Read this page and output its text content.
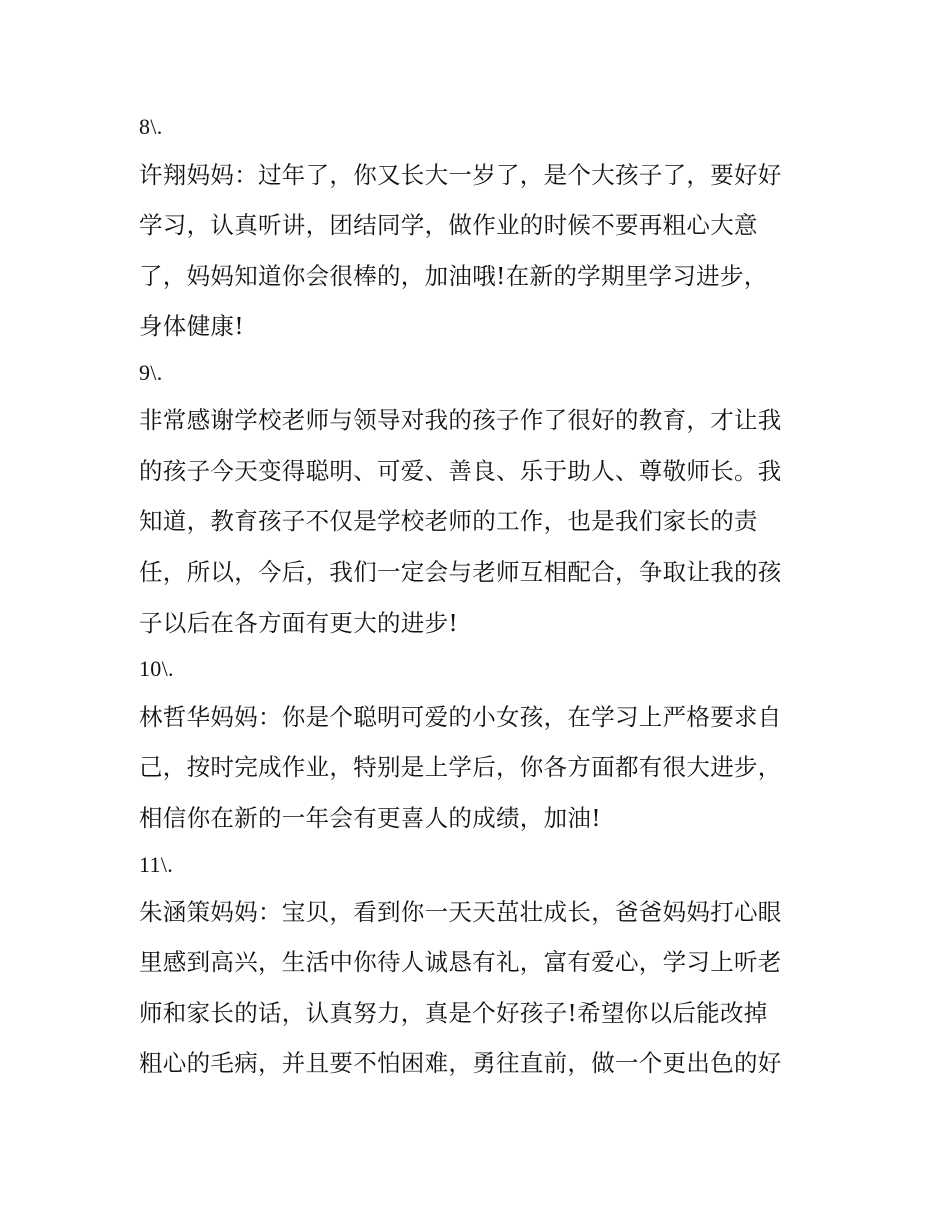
8\.
许翔妈妈：过年了，你又长大一岁了，是个大孩子了，要好好
学习，认真听讲，团结同学，做作业的时候不要再粗心大意
了，妈妈知道你会很棒的，加油哦!在新的学期里学习进步，
身体健康!
9\.
非常感谢学校老师与领导对我的孩子作了很好的教育，才让我
的孩子今天变得聪明、可爱、善良、乐于助人、尊敬师长。我
知道，教育孩子不仅是学校老师的工作，也是我们家长的责
任，所以，今后，我们一定会与老师互相配合，争取让我的孩
子以后在各方面有更大的进步!
10\.
林哲华妈妈：你是个聪明可爱的小女孩，在学习上严格要求自
己，按时完成作业，特别是上学后，你各方面都有很大进步，
相信你在新的一年会有更喜人的成绩，加油!
11\.
朱涵策妈妈：宝贝，看到你一天天茁壮成长，爸爸妈妈打心眼
里感到高兴，生活中你待人诚恳有礼，富有爱心，学习上听老
师和家长的话，认真努力，真是个好孩子!希望你以后能改掉
粗心的毛病，并且要不怕困难，勇往直前，做一个更出色的好
